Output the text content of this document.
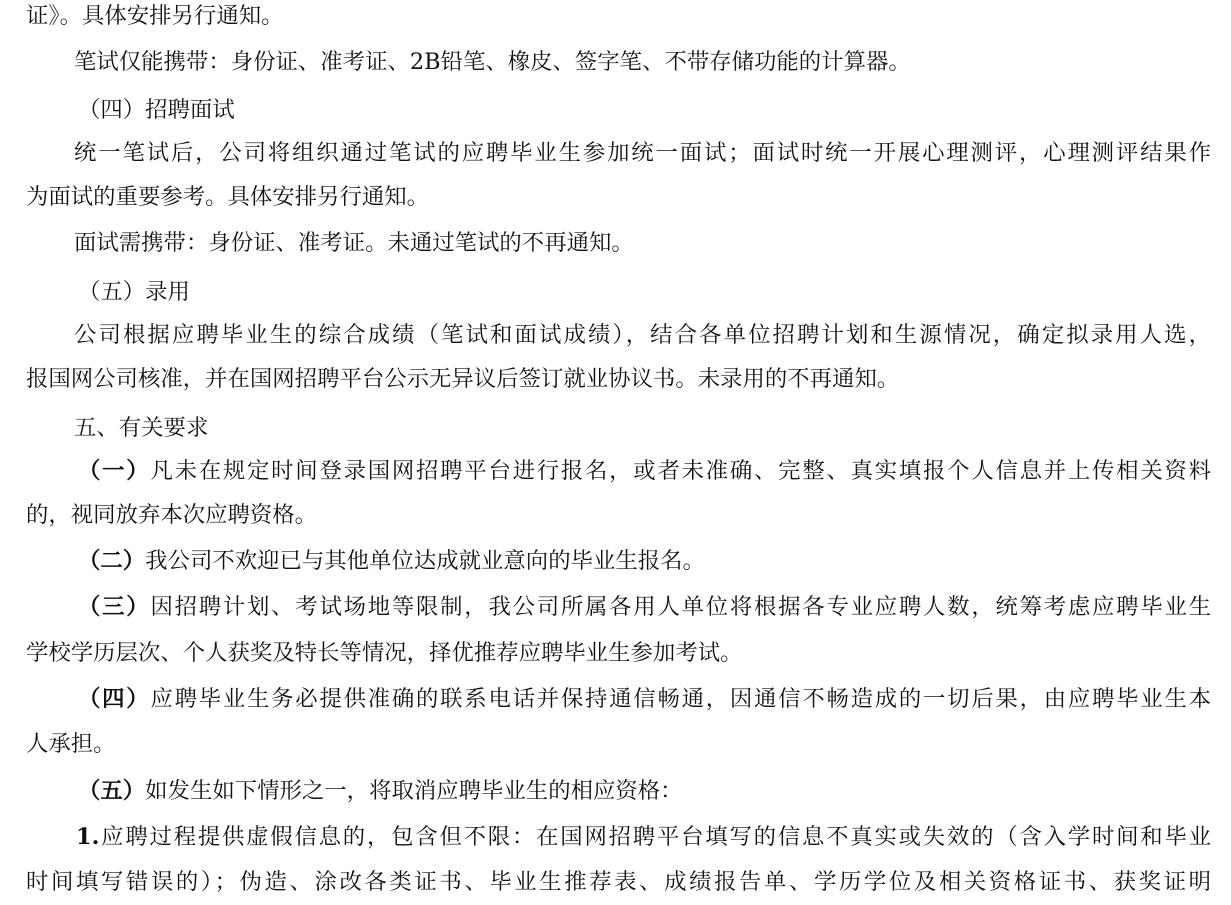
证》。具体安排另行通知。
笔试仅能携带：身份证、准考证、2B铅笔、橡皮、签字笔、不带存储功能的计算器。
（四）招聘面试
统一笔试后，公司将组织通过笔试的应聘毕业生参加统一面试；面试时统一开展心理测评，心理测评结果作
为面试的重要参考。具体安排另行通知。
面试需携带：身份证、准考证。未通过笔试的不再通知。
（五）录用
公司根据应聘毕业生的综合成绩（笔试和面试成绩），结合各单位招聘计划和生源情况，确定拟录用人选，
报国网公司核准，并在国网招聘平台公示无异议后签订就业协议书。未录用的不再通知。
五、有关要求
（一）凡未在规定时间登录国网招聘平台进行报名，或者未准确、完整、真实填报个人信息并上传相关资料
的，视同放弃本次应聘资格。
（二）我公司不欢迎已与其他单位达成就业意向的毕业生报名。
（三）因招聘计划、考试场地等限制，我公司所属各用人单位将根据各专业应聘人数，统筹考虑应聘毕业生
学校学历层次、个人获奖及特长等情况，择优推荐应聘毕业生参加考试。
（四）应聘毕业生务必提供准确的联系电话并保持通信畅通，因通信不畅造成的一切后果，由应聘毕业生本
人承担。
（五）如发生如下情形之一，将取消应聘毕业生的相应资格：
1.应聘过程提供虚假信息的，包含但不限：在国网招聘平台填写的信息不真实或失效的（含入学时间和毕业
时间填写错误的）；伪造、涂改各类证书、毕业生推荐表、成绩报告单、学历学位及相关资格证书、获奖证明
